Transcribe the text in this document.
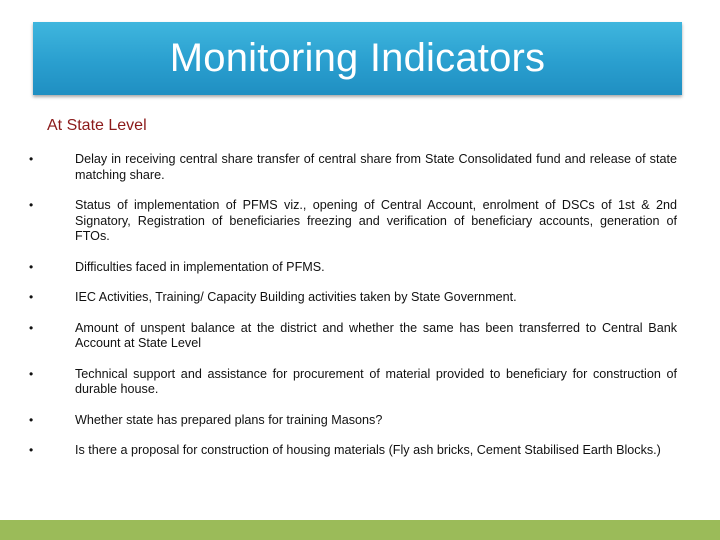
Monitoring Indicators
At State Level
•	Delay in receiving central share transfer of central share from State Consolidated fund and release of state matching share.
•	Status of implementation of PFMS viz., opening of Central Account, enrolment of DSCs of 1st & 2nd Signatory, Registration of beneficiaries freezing and verification of beneficiary accounts, generation of FTOs.
•	Difficulties faced in implementation of PFMS.
•	IEC Activities, Training/ Capacity Building activities taken by State Government.
•	Amount of unspent balance at the district and whether the same has been transferred to Central Bank Account at State Level
•	Technical support and assistance for procurement of material provided to beneficiary for construction of durable house.
•	Whether state has prepared plans for training Masons?
•	Is there a proposal for construction of housing materials (Fly ash bricks, Cement Stabilised Earth Blocks.)
